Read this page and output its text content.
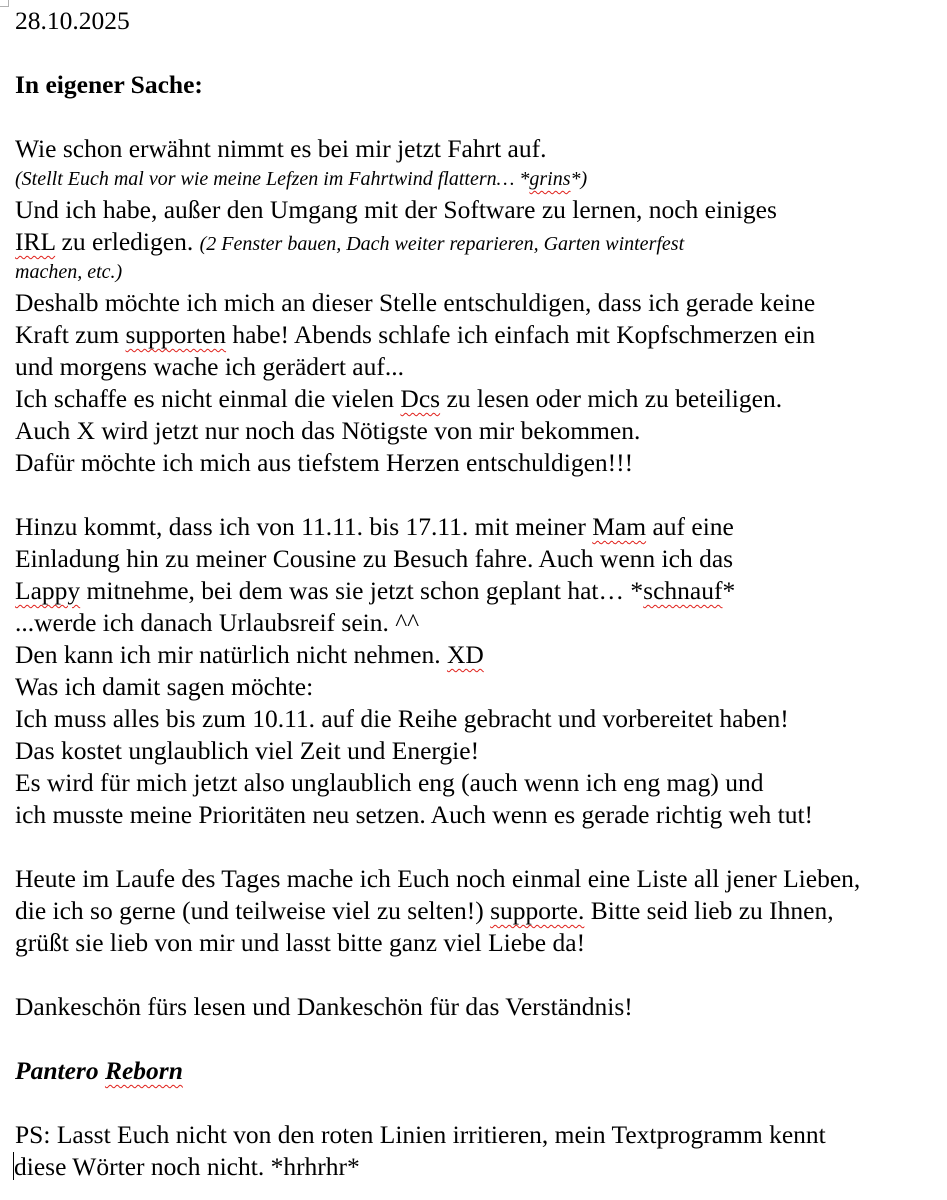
28.10.2025
In eigener Sache:
Wie schon erwähnt nimmt es bei mir jetzt Fahrt auf.
(Stellt Euch mal vor wie meine Lefzen im Fahrtwind flattern… *grins*)
Und ich habe, außer den Umgang mit der Software zu lernen, noch einiges
IRL zu erledigen. (2 Fenster bauen, Dach weiter reparieren, Garten winterfest
machen, etc.)
Deshalb möchte ich mich an dieser Stelle entschuldigen, dass ich gerade keine
Kraft zum supporten habe! Abends schlafe ich einfach mit Kopfschmerzen ein
und morgens wache ich gerädert auf...
Ich schaffe es nicht einmal die vielen Dcs zu lesen oder mich zu beteiligen.
Auch X wird jetzt nur noch das Nötigste von mir bekommen.
Dafür möchte ich mich aus tiefstem Herzen entschuldigen!!!
Hinzu kommt, dass ich von 11.11. bis 17.11. mit meiner Mam auf eine
Einladung hin zu meiner Cousine zu Besuch fahre. Auch wenn ich das
Lappy mitnehme, bei dem was sie jetzt schon geplant hat… *schnauf*
...werde ich danach Urlaubsreif sein. ^^
Den kann ich mir natürlich nicht nehmen. XD
Was ich damit sagen möchte:
Ich muss alles bis zum 10.11. auf die Reihe gebracht und vorbereitet haben!
Das kostet unglaublich viel Zeit und Energie!
Es wird für mich jetzt also unglaublich eng (auch wenn ich eng mag) und
ich musste meine Prioritäten neu setzen. Auch wenn es gerade richtig weh tut!
Heute im Laufe des Tages mache ich Euch noch einmal eine Liste all jener Lieben,
die ich so gerne (und teilweise viel zu selten!) supporte. Bitte seid lieb zu Ihnen,
grüßt sie lieb von mir und lasst bitte ganz viel Liebe da!
Dankeschön fürs lesen und Dankeschön für das Verständnis!
Pantero Reborn
PS: Lasst Euch nicht von den roten Linien irritieren, mein Textprogramm kennt
diese Wörter noch nicht. *hrhrhr*
